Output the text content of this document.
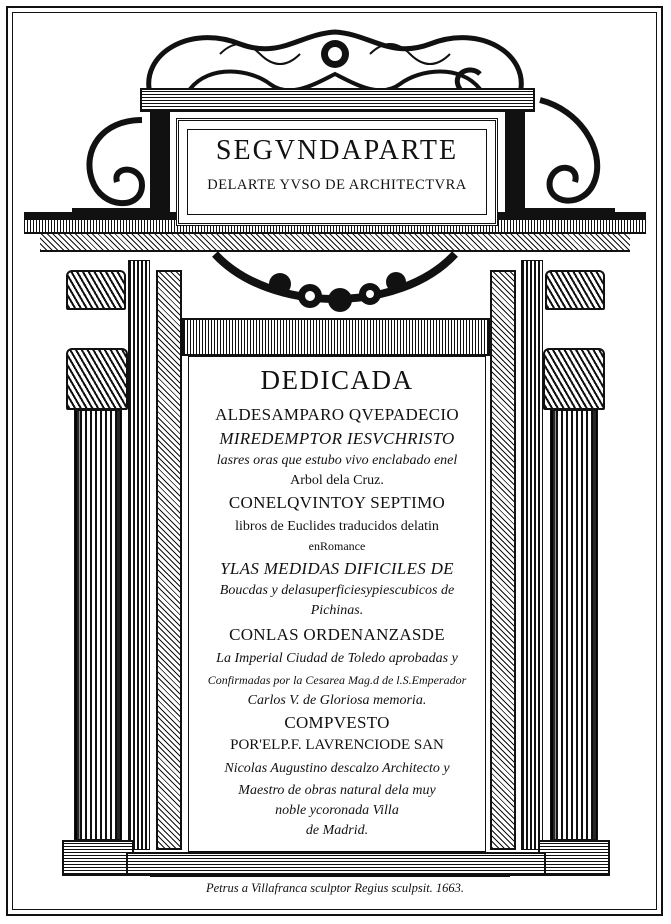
SEGVNDAPARTE
DELARTE YVSO DE ARCHITECTVRA
DEDICADA
ALDESAMPARO QVEPADECIO
MIREDEMPTOR IESVCHRISTO
lasres oras que estubo vivo enclabado enel
Arbol dela Cruz.
CONELQVINTOY SEPTIMO
libros de Euclides traducidos delatin
enRomance
YLAS MEDIDAS DIFICILES DE
Boucdas y delasuperficiesypiescubicos de
Pichinas.
CONLAS ORDENANZASDE
La Imperial Ciudad de Toledo aprobadas y
Confirmadas por la Cesarea Mag.d de l.S.Emperador
Carlos V. de Gloriosa memoria.
COMPVESTO
POR'ELP.F. LAVRENCIODE SAN
Nicolas Augustino descalzo Architecto y
Maestro de obras natural dela muy
noble ycoronada Villa
de Madrid.
Petrus a Villafranca sculptor Regius sculpsit. 1663.
